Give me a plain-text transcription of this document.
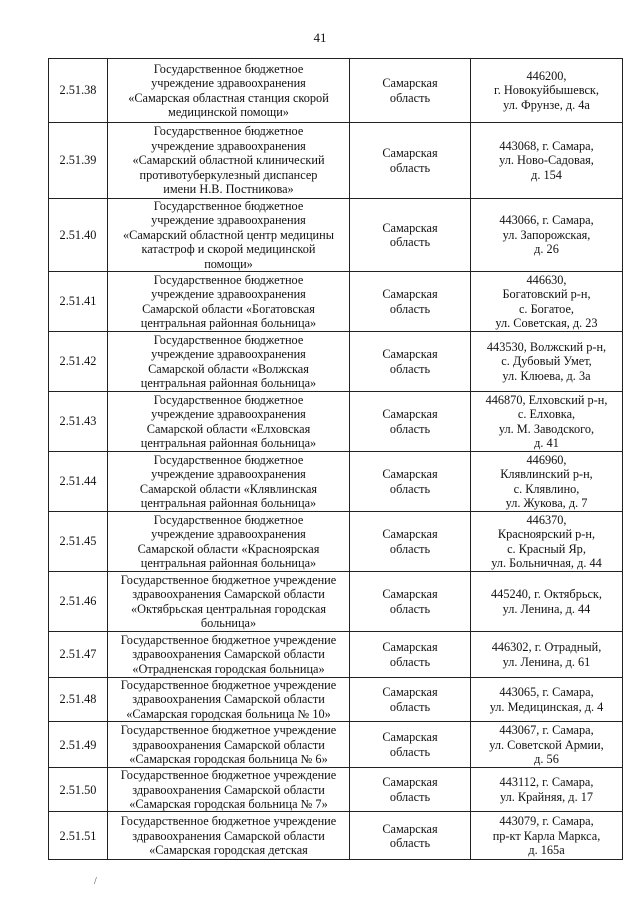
41
2.51.38	Государственное бюджетное
учреждение здравоохранения
«Самарская областная станция скорой
медицинской помощи»	Самарская
область	446200,
г. Новокуйбышевск,
ул. Фрунзе, д. 4а
2.51.39	Государственное бюджетное
учреждение здравоохранения
«Самарский областной клинический
противотуберкулезный диспансер
имени Н.В. Постникова»	Самарская
область	443068, г. Самара,
ул. Ново-Садовая,
д. 154
2.51.40	Государственное бюджетное
учреждение здравоохранения
«Самарский областной центр медицины
катастроф и скорой медицинской
помощи»	Самарская
область	443066, г. Самара,
ул. Запорожская,
д. 26
2.51.41	Государственное бюджетное
учреждение здравоохранения
Самарской области «Богатовская
центральная районная больница»	Самарская
область	446630,
Богатовский р-н,
с. Богатое,
ул. Советская, д. 23
2.51.42	Государственное бюджетное
учреждение здравоохранения
Самарской области «Волжская
центральная районная больница»	Самарская
область	443530, Волжский р-н,
с. Дубовый Умет,
ул. Клюева, д. 3а
2.51.43	Государственное бюджетное
учреждение здравоохранения
Самарской области «Елховская
центральная районная больница»	Самарская
область	446870, Елховский р-н,
с. Елховка,
ул. М. Заводского,
д. 41
2.51.44	Государственное бюджетное
учреждение здравоохранения
Самарской области «Клявлинская
центральная районная больница»	Самарская
область	446960,
Клявлинский р-н,
с. Клявлино,
ул. Жукова, д. 7
2.51.45	Государственное бюджетное
учреждение здравоохранения
Самарской области «Красноярская
центральная районная больница»	Самарская
область	446370,
Красноярский р-н,
с. Красный Яр,
ул. Больничная, д. 44
2.51.46	Государственное бюджетное учреждение
здравоохранения Самарской области
«Октябрьская центральная городская
больница»	Самарская
область	445240, г. Октябрьск,
ул. Ленина, д. 44
2.51.47	Государственное бюджетное учреждение
здравоохранения Самарской области
«Отрадненская городская больница»	Самарская
область	446302, г. Отрадный,
ул. Ленина, д. 61
2.51.48	Государственное бюджетное учреждение
здравоохранения Самарской области
«Самарская городская больница № 10»	Самарская
область	443065, г. Самара,
ул. Медицинская, д. 4
2.51.49	Государственное бюджетное учреждение
здравоохранения Самарской области
«Самарская городская больница № 6»	Самарская
область	443067, г. Самара,
ул. Советской Армии,
д. 56
2.51.50	Государственное бюджетное учреждение
здравоохранения Самарской области
«Самарская городская больница № 7»	Самарская
область	443112, г. Самара,
ул. Крайняя, д. 17
2.51.51	Государственное бюджетное учреждение
здравоохранения Самарской области
«Самарская городская детская	Самарская
область	443079, г. Самара,
пр-кт Карла Маркса,
д. 165а
/
